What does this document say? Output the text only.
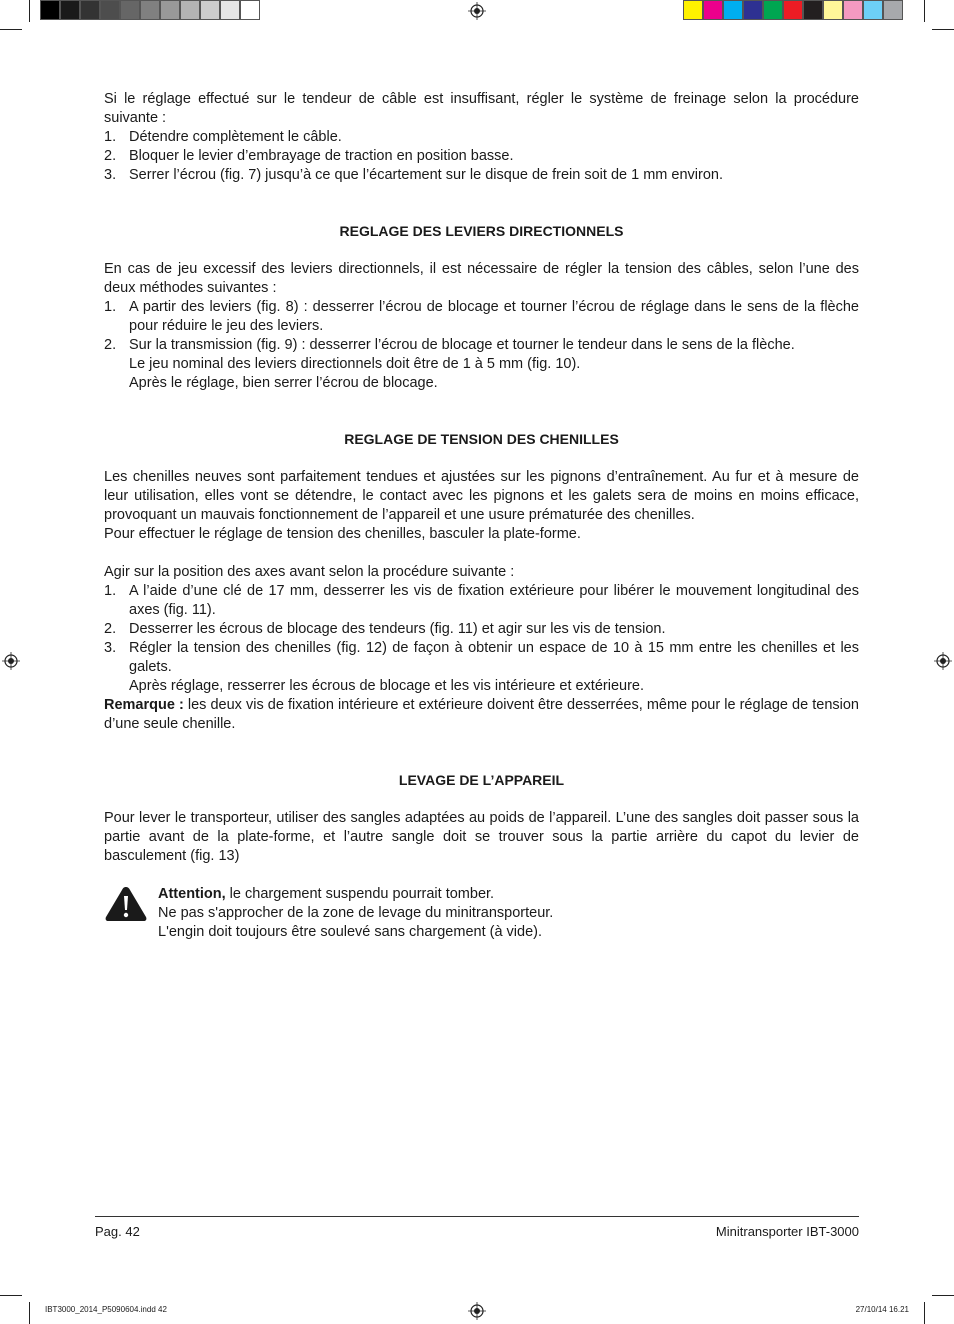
Si le réglage effectué sur le tendeur de câble est insuffisant, régler le système de freinage selon la procédure suivante :

1. Détendre complètement le câble.
2. Bloquer le levier d’embrayage de traction en position basse.
3. Serrer l’écrou (fig. 7) jusqu’à ce que l’écartement sur le disque de frein soit de 1 mm environ.
REGLAGE DES LEVIERS DIRECTIONNELS

En cas de jeu excessif des leviers directionnels, il est nécessaire de régler la tension des câbles, selon l’une des deux méthodes suivantes :

1. A partir des leviers (fig. 8) : desserrer l’écrou de blocage et tourner l’écrou de réglage dans le sens de la flèche pour réduire le jeu des leviers.
2. Sur la transmission (fig. 9) : desserrer l’écrou de blocage et tourner le tendeur dans le sens de la flèche.
Le jeu nominal des leviers directionnels doit être de 1 à 5 mm (fig. 10).
Après le réglage, bien serrer l’écrou de blocage.
REGLAGE DE TENSION DES CHENILLES

Les chenilles neuves sont parfaitement tendues et ajustées sur les pignons d’entraînement. Au fur et à mesure de leur utilisation, elles vont se détendre, le contact avec les pignons et les galets sera de moins en moins efficace, provoquant un mauvais fonctionnement de l’appareil et une usure prématurée des chenilles.

Pour effectuer le réglage de tension des chenilles, basculer la plate-forme.

Agir sur la position des axes avant selon la procédure suivante :

1. A l’aide d’une clé de 17 mm, desserrer les vis de fixation extérieure pour libérer le mouvement longitudinal des axes (fig. 11).
2. Desserrer les écrous de blocage des tendeurs (fig. 11) et agir sur les vis de tension.
3. Régler la tension des chenilles (fig. 12) de façon à obtenir un espace de 10 à 15 mm entre les chenilles et les galets.
Après réglage, resserrer les écrous de blocage et les vis intérieure et extérieure.

Remarque : les deux vis de fixation intérieure et extérieure doivent être desserrées, même pour le réglage de tension d’une seule chenille.

LEVAGE DE L’APPAREIL

Pour lever le transporteur, utiliser des sangles adaptées au poids de l’appareil. L’une des sangles doit passer sous la partie avant de la plate-forme, et l’autre sangle doit se trouver sous la partie arrière du capot du levier de basculement (fig. 13)

Attention, le chargement suspendu pourrait tomber.
Ne pas s'approcher de la zone de levage du minitransporteur.
L'engin doit toujours être soulevé sans chargement (à vide).
Pag. 42	Minitransporter IBT-3000
IBT3000_2014_P5090604.indd 42	27/10/14 16.21
